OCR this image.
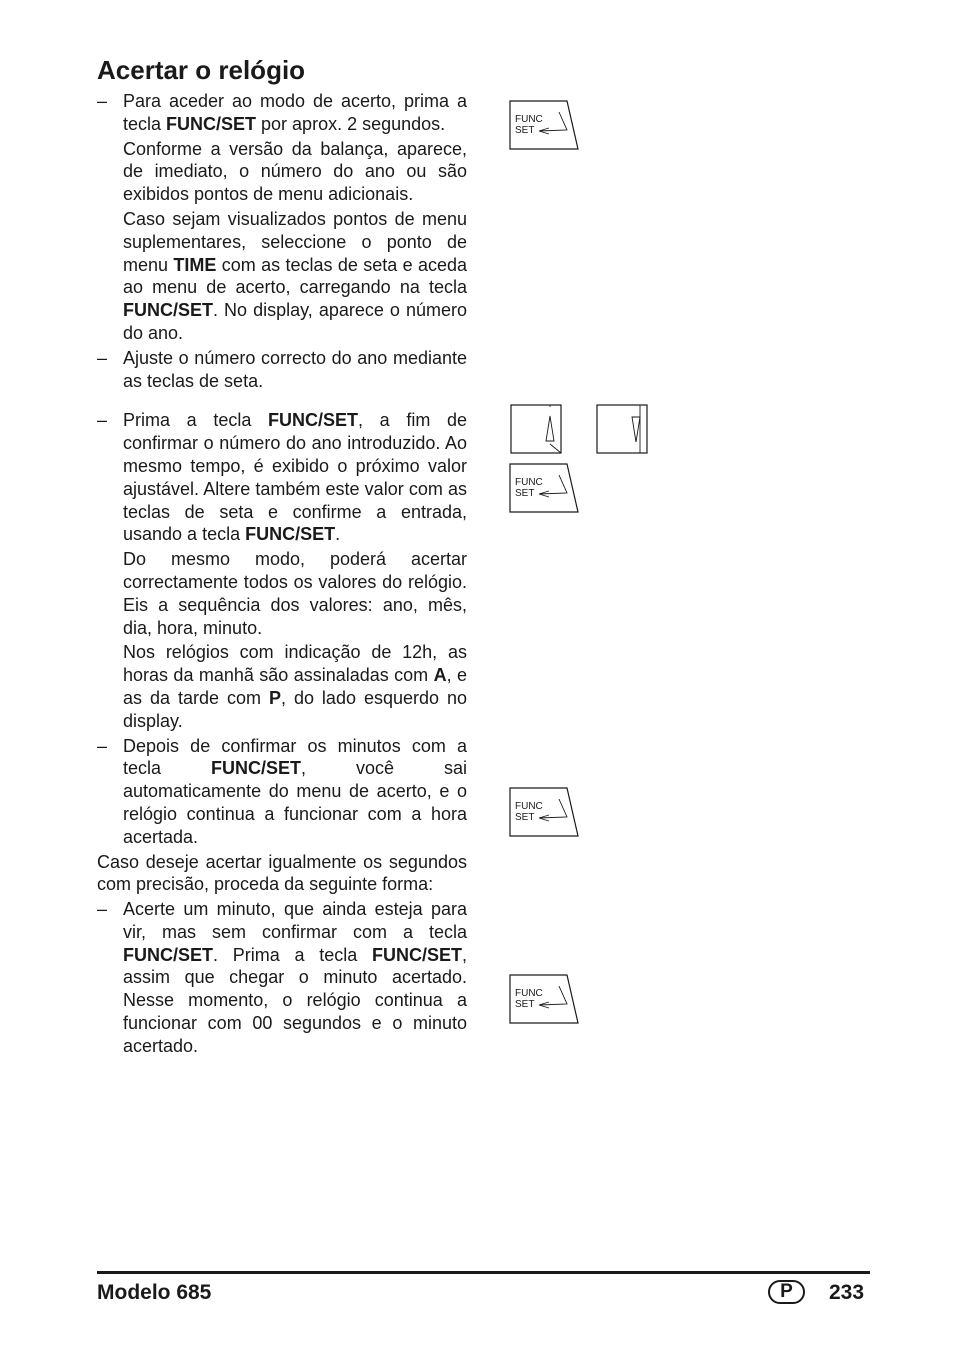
Acertar o relógio
– Para aceder ao modo de acerto, prima a tecla FUNC/SET por aprox. 2 segundos.

Conforme a versão da balança, aparece, de imediato, o número do ano ou são exibidos pontos de menu adicionais.

Caso sejam visualizados pontos de menu suplementares, seleccione o ponto de menu TIME com as teclas de seta e aceda ao menu de acerto, carregando na tecla FUNC/SET. No display, aparece o número do ano.

– Ajuste o número correcto do ano mediante as teclas de seta.

– Prima a tecla FUNC/SET, a fim de confirmar o número do ano introduzido. Ao mesmo tempo, é exibido o próximo valor ajustável. Altere também este valor com as teclas de seta e confirme a entrada, usando a tecla FUNC/SET.

Do mesmo modo, poderá acertar correctamente todos os valores do relógio. Eis a sequência dos valores: ano, mês, dia, hora, minuto.

Nos relógios com indicação de 12h, as horas da manhã são assinaladas com A, e as da tarde com P, do lado esquerdo no display.

– Depois de confirmar os minutos com a tecla FUNC/SET, você sai automaticamente do menu de acerto, e o relógio continua a funcionar com a hora acertada.

Caso deseje acertar igualmente os segundos com precisão, proceda da seguinte forma:

– Acerte um minuto, que ainda esteja para vir, mas sem confirmar com a tecla FUNC/SET. Prima a tecla FUNC/SET, assim que chegar o minuto acertado. Nesse momento, o relógio continua a funcionar com 00 segundos e o minuto acertado.

FUNC
SET
FUNC
SET
FUNC
SET
FUNC
SET
Modelo 685	P	233
